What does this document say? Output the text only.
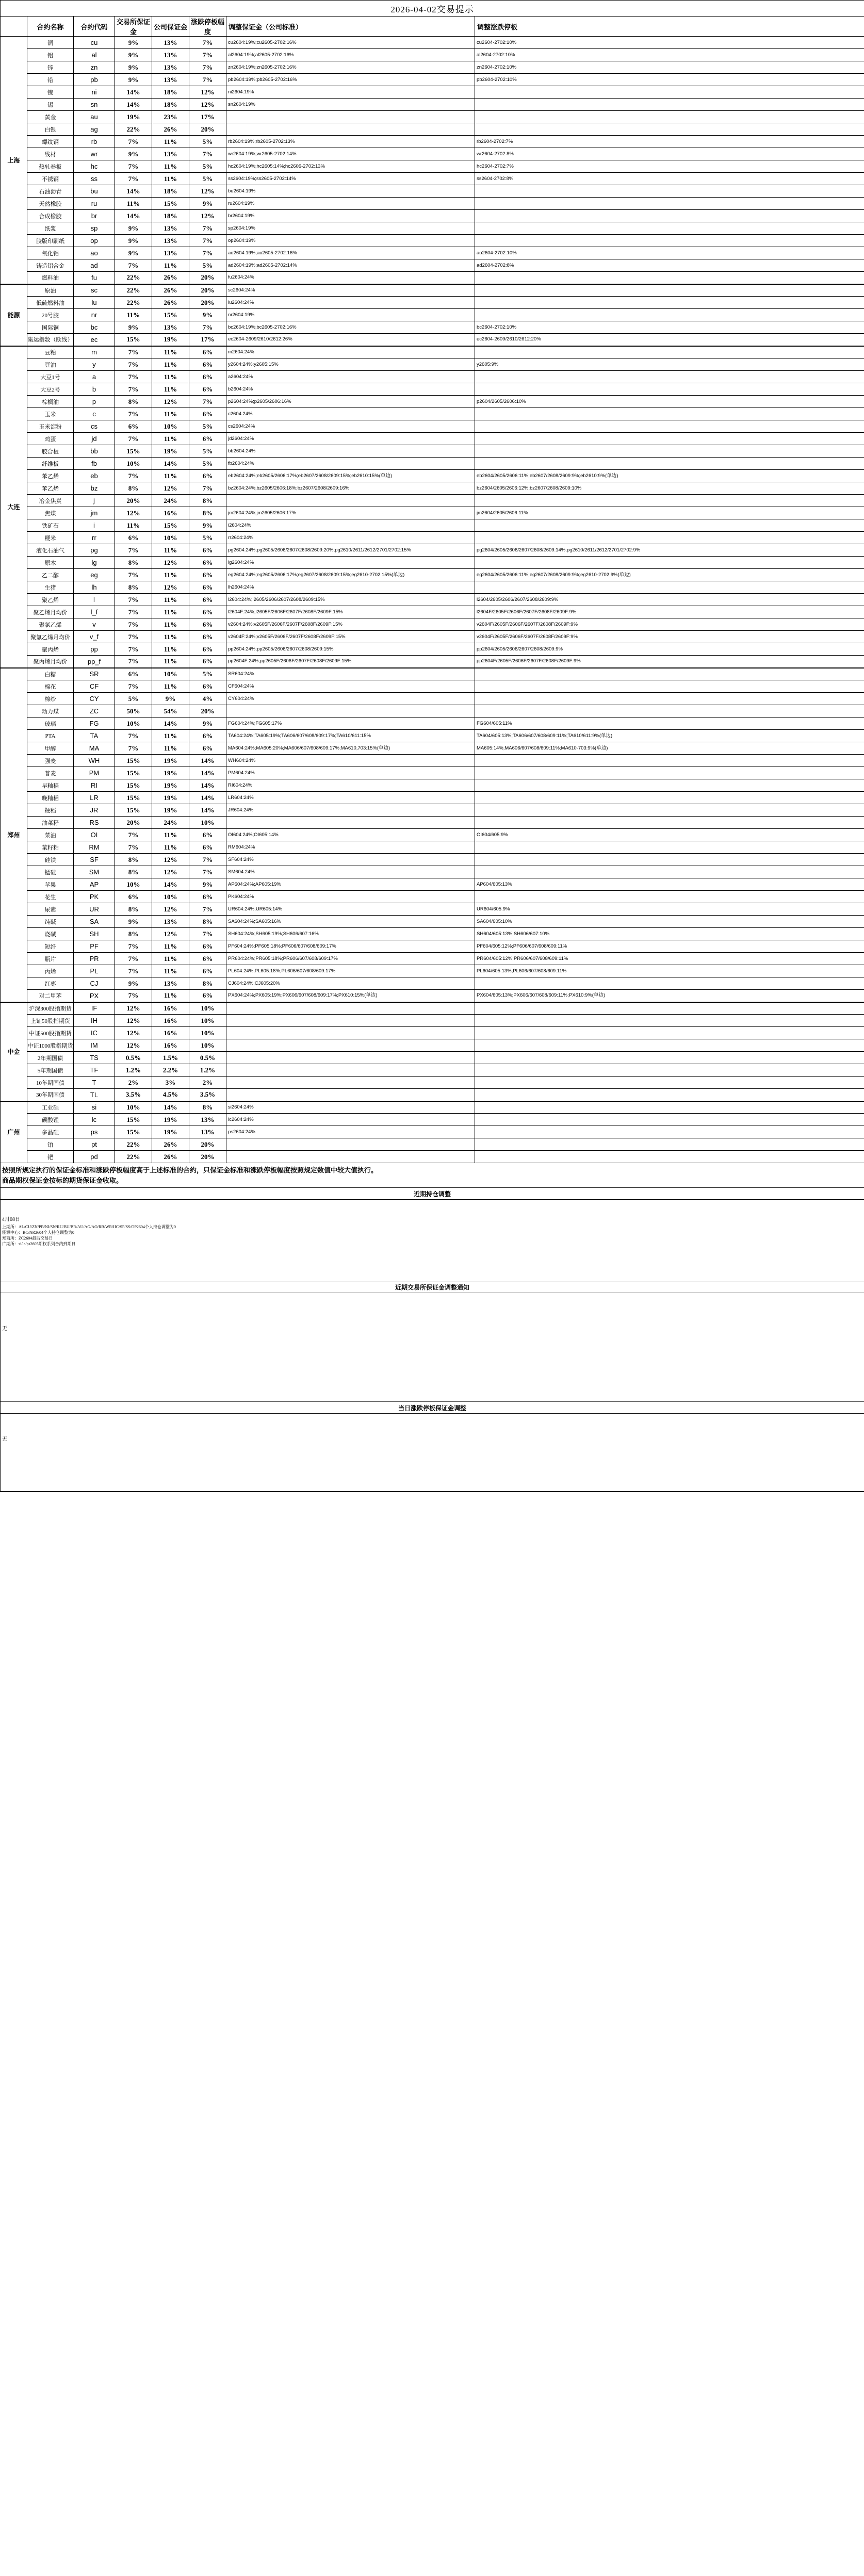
2026-04-02交易提示							
	合约名称	合约代码	交易所保证金	公司保证金	涨跌停板幅度	调整保证金（公司标准）	调整涨跌停板
上海	铜	cu	9%	13%	7%	cu2604:19%;cu2605-2702:16%	cu2604-2702:10%
	铝	al	9%	13%	7%	al2604:19%;al2605-2702:16%	al2604-2702:10%
	锌	zn	9%	13%	7%	zn2604:19%;zn2605-2702:16%	zn2604-2702:10%
	铅	pb	9%	13%	7%	pb2604:19%;pb2605-2702:16%	pb2604-2702:10%
	镍	ni	14%	18%	12%	ni2604:19%	
	锡	sn	14%	18%	12%	sn2604:19%	
	黄金	au	19%	23%	17%		
	白银	ag	22%	26%	20%		
	螺纹钢	rb	7%	11%	5%	rb2604:19%;rb2605-2702:13%	rb2604-2702:7%
	线材	wr	9%	13%	7%	wr2604:19%;wr2605-2702:14%	wr2604-2702:8%
	热轧卷板	hc	7%	11%	5%	hc2604:19%;hc2605:14%;hc2606-2702:13%	hc2604-2702:7%
	不锈钢	ss	7%	11%	5%	ss2604:19%;ss2605-2702:14%	ss2604-2702:8%
	石油沥青	bu	14%	18%	12%	bu2604:19%	
	天然橡胶	ru	11%	15%	9%	ru2604:19%	
	合成橡胶	br	14%	18%	12%	br2604:19%	
	纸浆	sp	9%	13%	7%	sp2604:19%	
	胶版印刷纸	op	9%	13%	7%	op2604:19%	
	氧化铝	ao	9%	13%	7%	ao2604:19%;ao2605-2702:16%	ao2604-2702:10%
	铸造铝合金	ad	7%	11%	5%	ad2604:19%;ad2605-2702:14%	ad2604-2702:8%
	燃料油	fu	22%	26%	20%	fu2604:24%	
能源	原油	sc	22%	26%	20%	sc2604:24%	
	低硫燃料油	lu	22%	26%	20%	lu2604:24%	
	20号胶	nr	11%	15%	9%	nr2604:19%	
	国际铜	bc	9%	13%	7%	bc2604:19%;bc2605-2702:16%	bc2604-2702:10%
	集运指数（欧线）	ec	15%	19%	17%	ec2604-2609/2610/2612:26%	ec2604-2609/2610/2612:20%
大连	豆粕	m	7%	11%	6%	m2604:24%	
	豆油	y	7%	11%	6%	y2604:24%;y2605:15%	y2605:9%
	大豆1号	a	7%	11%	6%	a2604:24%	
	大豆2号	b	7%	11%	6%	b2604:24%	
	棕榈油	p	8%	12%	7%	p2604:24%;p2605/2606:16%	p2604/2605/2606:10%
	玉米	c	7%	11%	6%	c2604:24%	
	玉米淀粉	cs	6%	10%	5%	cs2604:24%	
	鸡蛋	jd	7%	11%	6%	jd2604:24%	
	胶合板	bb	15%	19%	5%	bb2604:24%	
	纤维板	fb	10%	14%	5%	fb2604:24%	
	苯乙烯	eb	7%	11%	6%	eb2604:24%;eb2605/2606:17%;eb2607/2608/2609:15%;eb2610:15%(单边)	eb2604/2605/2606:11%;eb2607/2608/2609:9%;eb2610:9%(单边)
	苯乙烯	bz	8%	12%	7%	bz2604:24%;bz2605/2606:18%;bz2607/2608/2609:16%	bz2604/2605/2606:12%;bz2607/2608/2609:10%
	冶金焦炭	j	20%	24%	8%		
	焦煤	jm	12%	16%	8%	jm2604:24%;jm2605/2606:17%	jm2604/2605/2606:11%
	铁矿石	i	11%	15%	9%	i2604:24%	
	粳米	rr	6%	10%	5%	rr2604:24%	
	液化石油气	pg	7%	11%	6%	pg2604:24%;pg2605/2606/2607/2608/2609:20%;pg2610/2611/2612/2701/2702:15%	pg2604/2605/2606/2607/2608/2609:14%;pg2610/2611/2612/2701/2702:9%
	原木	lg	8%	12%	6%	lg2604:24%	
	乙二醇	eg	7%	11%	6%	eg2604:24%;eg2605/2606:17%;eg2607/2608/2609:15%;eg2610-2702:15%(单边)	eg2604/2605/2606:11%;eg2607/2608/2609:9%;eg2610-2702:9%(单边)
	生猪	lh	8%	12%	6%	lh2604:24%	
	聚乙烯	l	7%	11%	6%	l2604:24%;l2605/2606/2607/2608/2609:15%	l2604/2605/2606/2607/2608/2609:9%
	聚乙烯月均价	l_f	7%	11%	6%	l2604F:24%;l2605F/2606F/2607F/2608F/2609F:15%	l2604F/2605F/2606F/2607F/2608F/2609F:9%
	聚氯乙烯	v	7%	11%	6%	v2604:24%;v2605F/2606F/2607F/2608F/2609F:15%	v2604F/2605F/2606F/2607F/2608F/2609F:9%
	聚氯乙烯月均价	v_f	7%	11%	6%	v2604F:24%;v2605F/2606F/2607F/2608F/2609F:15%	v2604F/2605F/2606F/2607F/2608F/2609F:9%
	聚丙烯	pp	7%	11%	6%	pp2604:24%;pp2605/2606/2607/2608/2609:15%	pp2604/2605/2606/2607/2608/2609:9%
	聚丙烯月均价	pp_f	7%	11%	6%	pp2604F:24%;pp2605F/2606F/2607F/2608F/2609F:15%	pp2604F/2605F/2606F/2607F/2608F/2609F:9%
郑州	白糖	SR	6%	10%	5%	SR604:24%	
	棉花	CF	7%	11%	6%	CF604:24%	
	棉纱	CY	5%	9%	4%	CY604:24%	
	动力煤	ZC	50%	54%	20%		
	玻璃	FG	10%	14%	9%	FG604:24%;FG605:17%	FG604/605:11%
	PTA	TA	7%	11%	6%	TA604:24%;TA605:19%;TA606/607/608/609:17%;TA610/611:15%	TA604/605:13%;TA606/607/608/609:11%;TA610/611:9%(单边)
	甲醇	MA	7%	11%	6%	MA604:24%;MA605:20%;MA606/607/608/609:17%;MA610,703:15%(单边)	MA605:14%;MA606/607/608/609:11%;MA610-703:9%(单边)
	强麦	WH	15%	19%	14%	WH604:24%	
	普麦	PM	15%	19%	14%	PM604:24%	
	早籼稻	RI	15%	19%	14%	RI604:24%	
	晚籼稻	LR	15%	19%	14%	LR604:24%	
	粳稻	JR	15%	19%	14%	JR604:24%	
	油菜籽	RS	20%	24%	10%		
	菜油	OI	7%	11%	6%	OI604:24%;OI605:14%	OI604/605:9%
	菜籽粕	RM	7%	11%	6%	RM604:24%	
	硅铁	SF	8%	12%	7%	SF604:24%	
	锰硅	SM	8%	12%	7%	SM604:24%	
	苹果	AP	10%	14%	9%	AP604:24%;AP605:19%	AP604/605:13%
	花生	PK	6%	10%	6%	PK604:24%	
	尿素	UR	8%	12%	7%	UR604:24%;UR605:14%	UR604/605:9%
	纯碱	SA	9%	13%	8%	SA604:24%;SA605:16%	SA604/605:10%
	烧碱	SH	8%	12%	7%	SH604:24%;SH605:19%;SH606/607:16%	SH604/605:13%;SH606/607:10%
	短纤	PF	7%	11%	6%	PF604:24%;PF605:18%;PF606/607/608/609:17%	PF604/605:12%;PF606/607/608/609:11%
	瓶片	PR	7%	11%	6%	PR604:24%;PR605:18%;PR606/607/608/609:17%	PR604/605:12%;PR606/607/608/609:11%
	丙烯	PL	7%	11%	6%	PL604:24%;PL605:18%;PL606/607/608/609:17%	PL604/605:13%;PL606/607/608/609:11%
	红枣	CJ	9%	13%	8%	CJ604:24%;CJ605:20%	
	对二甲苯	PX	7%	11%	6%	PX604:24%;PX605:19%;PX606/607/608/609:17%;PX610:15%(单边)	PX604/605:13%;PX606/607/608/609:11%;PX610:9%(单边)
中金	沪深300股指期货	IF	12%	16%	10%		
	上证50股指期货	IH	12%	16%	10%		
	中证500股指期货	IC	12%	16%	10%		
	中证1000股指期货	IM	12%	16%	10%		
	2年期国债	TS	0.5%	1.5%	0.5%		
	5年期国债	TF	1.2%	2.2%	1.2%		
	10年期国债	T	2%	3%	2%		
	30年期国债	TL	3.5%	4.5%	3.5%		
广州	工业硅	si	10%	14%	8%	si2604:24%	
	碳酸锂	lc	15%	19%	13%	lc2604:24%	
	多晶硅	ps	15%	19%	13%	ps2604:24%	
	铂	pt	22%	26%	20%		
	钯	pd	22%	26%	20%		

按照所规定执行的保证金标准和涨跌停板幅度高于上述标准的合约，只保证金标准和涨跌停板幅度按照规定数值中较大值执行。
商品期权保证金按标的期货保证金收取。							

近期持仓调整							

4月08日
上期所：AL/CU/ZN/PB/NI/SN/RU/BU/BR/AU/AG/AO/RB/WR/HC/SP/SS/OP2604个人持仓调整为0
能源中心：BC/NR2604个人持仓调整为0
郑商所：ZC2604最后交易日
广期所：si/lc/ps2605期权系列合约到期日							

近期交易所保证金调整通知							
无							
当日涨跌停板保证金调整							
无							
